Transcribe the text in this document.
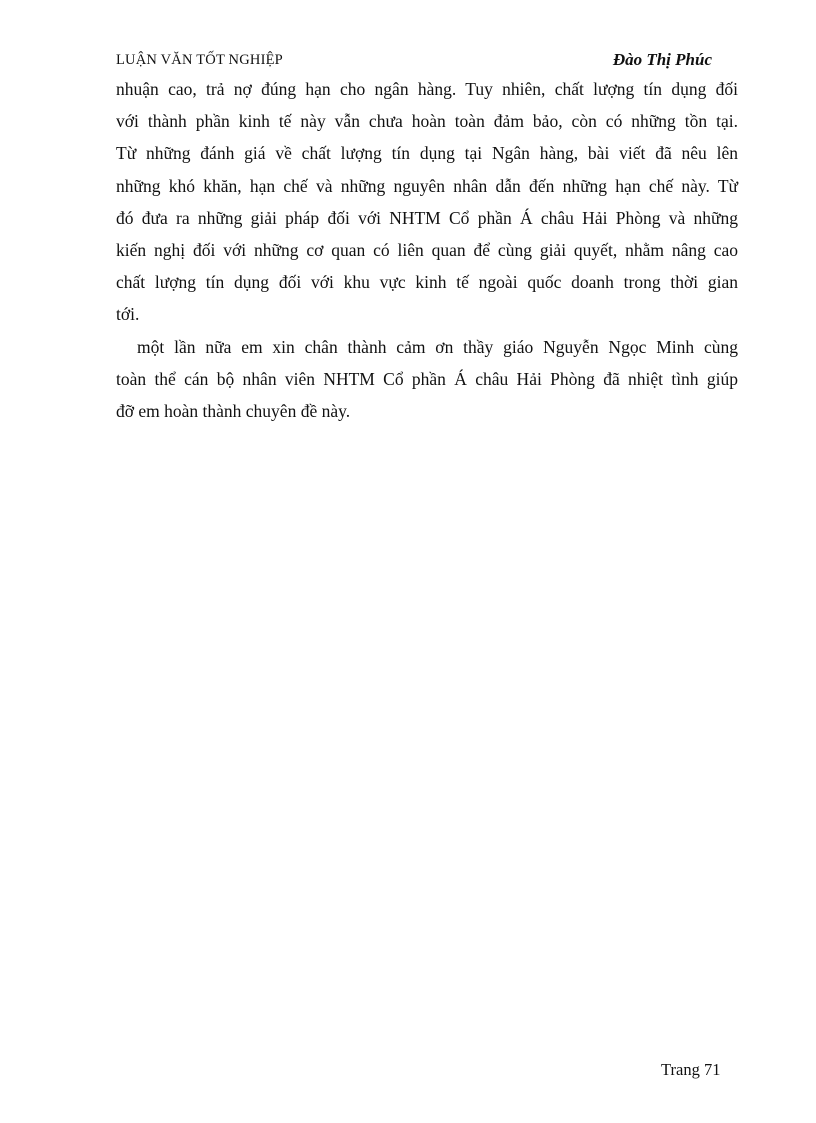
LUẬN VĂN TỐT NGHIỆP	Đào Thị Phúc
nhuận cao, trả nợ đúng hạn cho ngân hàng. Tuy nhiên, chất lượng tín dụng đối
với thành phần kinh tế này vẫn chưa hoàn toàn đảm bảo, còn có những tồn tại.
Từ những đánh giá về chất lượng tín dụng tại Ngân hàng, bài viết đã nêu lên
những khó khăn, hạn chế và những nguyên nhân dẫn đến những hạn chế này. Từ
đó đưa ra những giải pháp đối với NHTM Cổ phần Á châu Hải Phòng và những
kiến nghị đối với những cơ quan có liên quan để cùng giải quyết, nhằm nâng cao
chất lượng tín dụng đối với khu vực kinh tế ngoài quốc doanh trong thời gian
tới.
một lần nữa em xin chân thành cảm ơn thầy giáo Nguyễn Ngọc Minh cùng
toàn thể cán bộ nhân viên NHTM Cổ phần Á châu Hải Phòng đã nhiệt tình giúp
đỡ em hoàn thành chuyên đề này.
Trang 71
